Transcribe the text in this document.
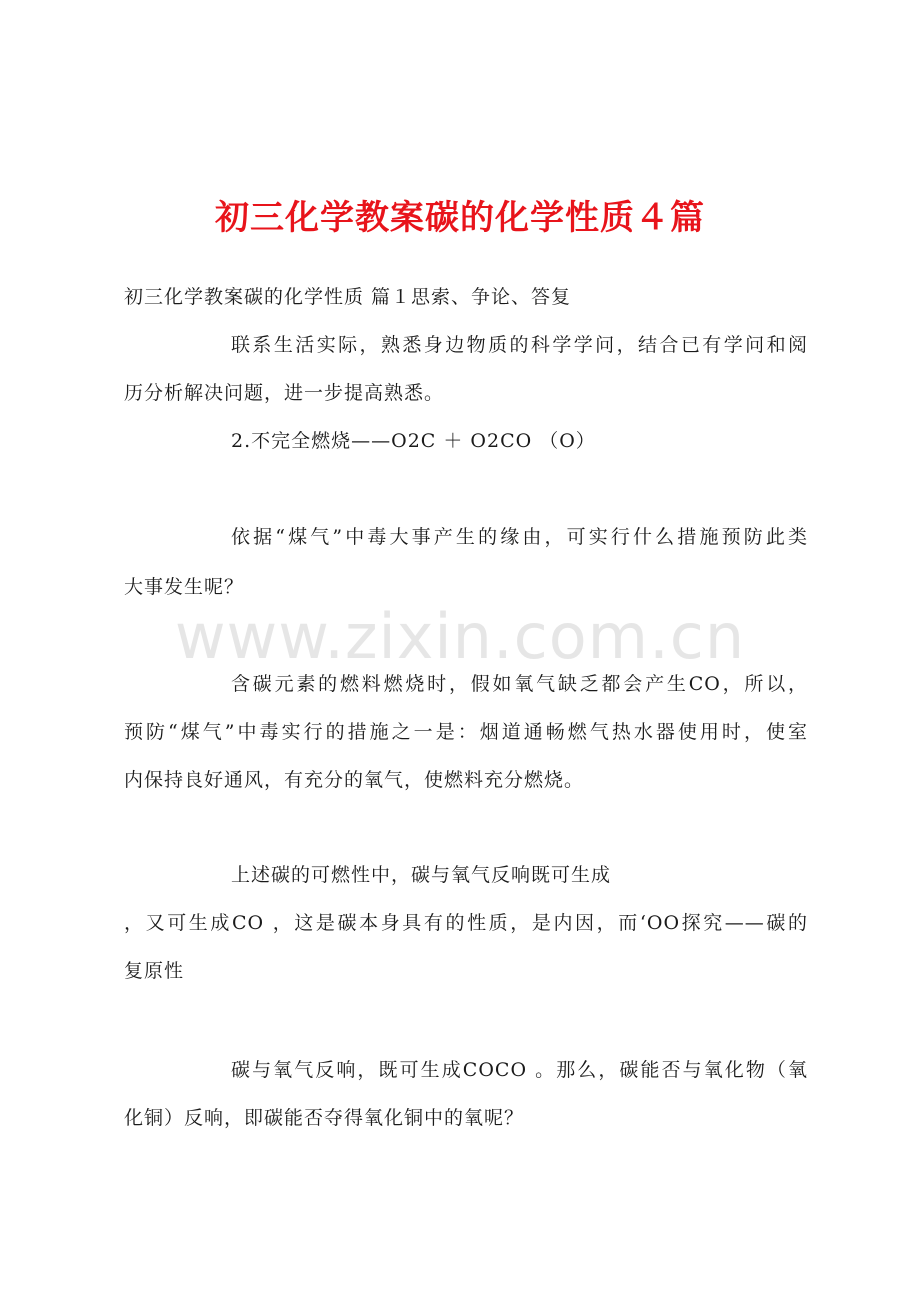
初三化学教案碳的化学性质４篇
初三化学教案碳的化学性质 篇１思索、争论、答复
联系生活实际，熟悉身边物质的科学学问，结合已有学问和阅
历分析解决问题，进一步提高熟悉。
2.不完全燃烧——O2C ＋ O2CO （O）
依据“煤气”中毒大事产生的缘由，可实行什么措施预防此类
大事发生呢？
www.zixin.com.cn
含碳元素的燃料燃烧时，假如氧气缺乏都会产生CO，所以，
预防“煤气”中毒实行的措施之一是：烟道通畅燃气热水器使用时，使室
内保持良好通风，有充分的氧气，使燃料充分燃烧。
上述碳的可燃性中，碳与氧气反响既可生成
，又可生成CO ，这是碳本身具有的性质，是内因，而‘OO探究——碳的
复原性
碳与氧气反响，既可生成COCO 。那么，碳能否与氧化物（氧
化铜）反响，即碳能否夺得氧化铜中的氧呢？
